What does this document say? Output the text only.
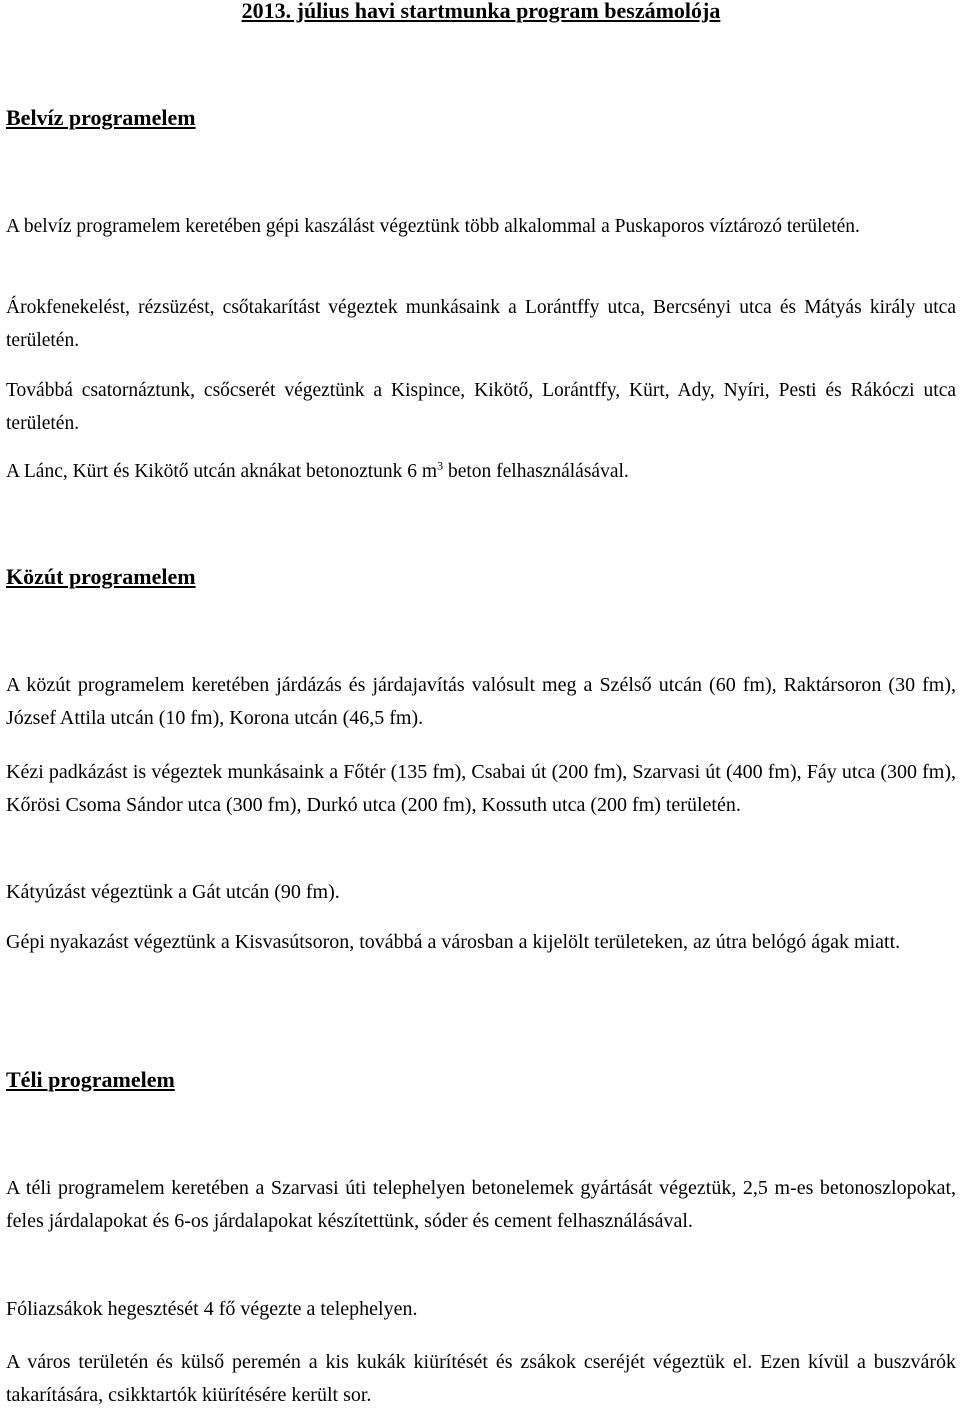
2013. július havi startmunka program beszámolója
Belvíz programelem

A belvíz programelem keretében gépi kaszálást végeztünk több alkalommal a Puskaporos víztározó területén.

Árokfenekelést, rézsüzést, csőtakarítást végeztek munkásaink a Lorántffy utca, Bercsényi utca és Mátyás király utca területén.

Továbbá csatornáztunk, csőcserét végeztünk a Kispince, Kikötő, Lorántffy, Kürt, Ady, Nyíri, Pesti és Rákóczi utca területén.

A Lánc, Kürt és Kikötő utcán aknákat betonoztunk 6 $m^3$ beton felhasználásával.

Közút programelem

A közút programelem keretében járdázás és járdajavítás valósult meg a Szélső utcán (60 fm), Raktársoron (30 fm), József Attila utcán (10 fm), Korona utcán (46,5 fm).

Kézi padkázást is végeztek munkásaink a Főtér (135 fm), Csabai út (200 fm), Szarvasi út (400 fm), Fáy utca (300 fm), Kőrösi Csoma Sándor utca (300 fm), Durkó utca (200 fm), Kossuth utca (200 fm) területén.

Kátyúzást végeztünk a Gát utcán (90 fm).

Gépi nyakazást végeztünk a Kisvasútsoron, továbbá a városban a kijelölt területeken, az útra belógó ágak miatt.

Téli programelem

A téli programelem keretében a Szarvasi úti telephelyen betonelemek gyártását végeztük, 2,5 m-es betonoszlopokat, feles járdalapokat és 6-os járdalapokat készítettünk, sóder és cement felhasználásával.

Fóliazsákok hegesztését 4 fő végezte a telephelyen.

A város területén és külső peremén a kis kukák kiürítését és zsákok cseréjét végeztük el. Ezen kívül a buszvárók takarítására, csikktartók kiürítésére került sor.
